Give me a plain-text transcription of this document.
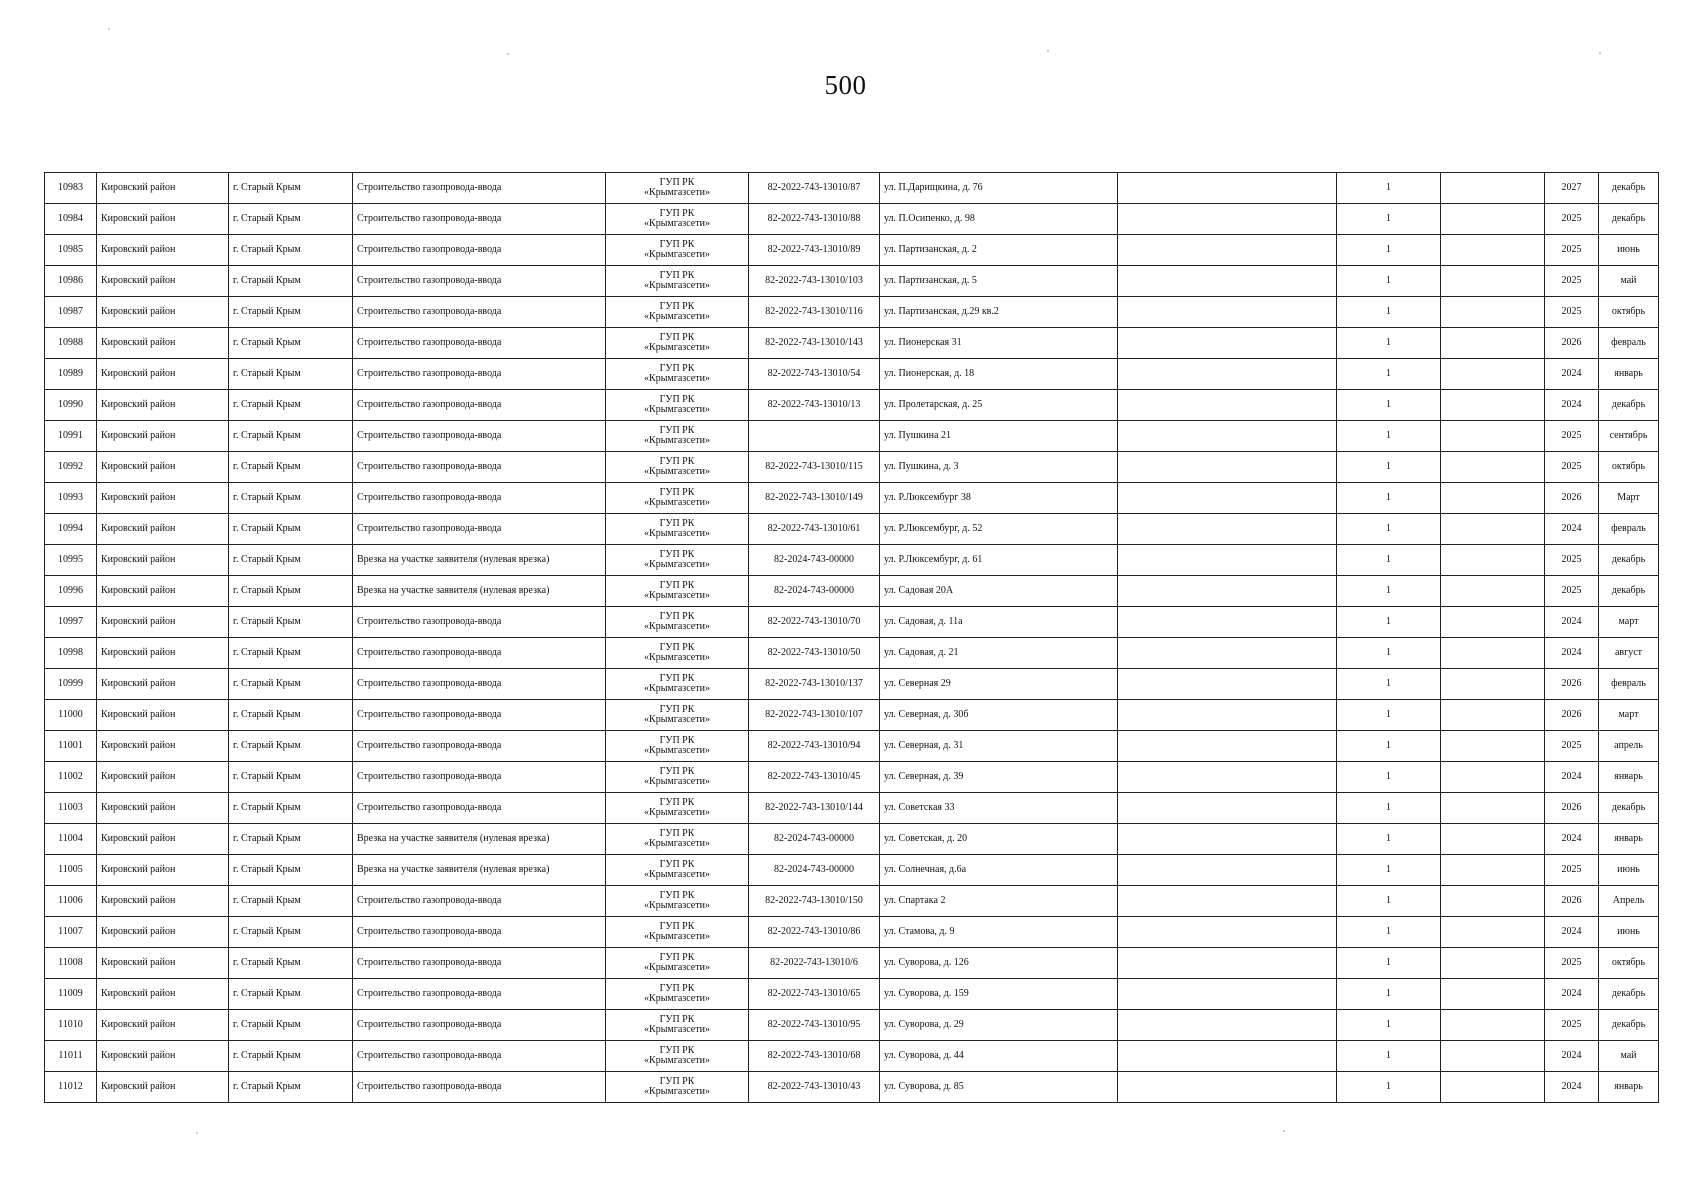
500
10983	Кировский район	г. Старый Крым	Строительство газопровода-ввода	ГУП РК
«Крымгазсети»	82-2022-743-13010/87	ул. П.Дарищкина, д. 76		1		2027	декабрь
10984	Кировский район	г. Старый Крым	Строительство газопровода-ввода	ГУП РК
«Крымгазсети»	82-2022-743-13010/88	ул. П.Осипенко, д. 98		1		2025	декабрь
10985	Кировский район	г. Старый Крым	Строительство газопровода-ввода	ГУП РК
«Крымгазсети»	82-2022-743-13010/89	ул. Партизанская, д. 2		1		2025	июнь
10986	Кировский район	г. Старый Крым	Строительство газопровода-ввода	ГУП РК
«Крымгазсети»	82-2022-743-13010/103	ул. Партизанская, д. 5		1		2025	май
10987	Кировский район	г. Старый Крым	Строительство газопровода-ввода	ГУП РК
«Крымгазсети»	82-2022-743-13010/116	ул. Партизанская, д.29 кв.2		1		2025	октябрь
10988	Кировский район	г. Старый Крым	Строительство газопровода-ввода	ГУП РК
«Крымгазсети»	82-2022-743-13010/143	ул. Пионерская 31		1		2026	февраль
10989	Кировский район	г. Старый Крым	Строительство газопровода-ввода	ГУП РК
«Крымгазсети»	82-2022-743-13010/54	ул. Пионерская, д. 18		1		2024	январь
10990	Кировский район	г. Старый Крым	Строительство газопровода-ввода	ГУП РК
«Крымгазсети»	82-2022-743-13010/13	ул. Пролетарская, д. 25		1		2024	декабрь
10991	Кировский район	г. Старый Крым	Строительство газопровода-ввода	ГУП РК
«Крымгазсети»		ул. Пушкина 21		1		2025	сентябрь
10992	Кировский район	г. Старый Крым	Строительство газопровода-ввода	ГУП РК
«Крымгазсети»	82-2022-743-13010/115	ул. Пушкина, д. 3		1		2025	октябрь
10993	Кировский район	г. Старый Крым	Строительство газопровода-ввода	ГУП РК
«Крымгазсети»	82-2022-743-13010/149	ул. Р.Люксембург 38		1		2026	Март
10994	Кировский район	г. Старый Крым	Строительство газопровода-ввода	ГУП РК
«Крымгазсети»	82-2022-743-13010/61	ул. Р.Люксембург, д. 52		1		2024	февраль
10995	Кировский район	г. Старый Крым	Врезка на участке заявителя (нулевая врезка)	ГУП РК
«Крымгазсети»	82-2024-743-00000	ул. Р.Люксембург, д. 61		1		2025	декабрь
10996	Кировский район	г. Старый Крым	Врезка на участке заявителя (нулевая врезка)	ГУП РК
«Крымгазсети»	82-2024-743-00000	ул. Садовая 20А		1		2025	декабрь
10997	Кировский район	г. Старый Крым	Строительство газопровода-ввода	ГУП РК
«Крымгазсети»	82-2022-743-13010/70	ул. Садовая, д. 11а		1		2024	март
10998	Кировский район	г. Старый Крым	Строительство газопровода-ввода	ГУП РК
«Крымгазсети»	82-2022-743-13010/50	ул. Садовая, д. 21		1		2024	август
10999	Кировский район	г. Старый Крым	Строительство газопровода-ввода	ГУП РК
«Крымгазсети»	82-2022-743-13010/137	ул. Северная 29		1		2026	февраль
11000	Кировский район	г. Старый Крым	Строительство газопровода-ввода	ГУП РК
«Крымгазсети»	82-2022-743-13010/107	ул. Северная, д. 30б		1		2026	март
11001	Кировский район	г. Старый Крым	Строительство газопровода-ввода	ГУП РК
«Крымгазсети»	82-2022-743-13010/94	ул. Северная, д. 31		1		2025	апрель
11002	Кировский район	г. Старый Крым	Строительство газопровода-ввода	ГУП РК
«Крымгазсети»	82-2022-743-13010/45	ул. Северная, д. 39		1		2024	январь
11003	Кировский район	г. Старый Крым	Строительство газопровода-ввода	ГУП РК
«Крымгазсети»	82-2022-743-13010/144	ул. Советская 33		1		2026	декабрь
11004	Кировский район	г. Старый Крым	Врезка на участке заявителя (нулевая врезка)	ГУП РК
«Крымгазсети»	82-2024-743-00000	ул. Советская, д. 20		1		2024	январь
11005	Кировский район	г. Старый Крым	Врезка на участке заявителя (нулевая врезка)	ГУП РК
«Крымгазсети»	82-2024-743-00000	ул. Солнечная, д.6а		1		2025	июнь
11006	Кировский район	г. Старый Крым	Строительство газопровода-ввода	ГУП РК
«Крымгазсети»	82-2022-743-13010/150	ул. Спартака 2		1		2026	Апрель
11007	Кировский район	г. Старый Крым	Строительство газопровода-ввода	ГУП РК
«Крымгазсети»	82-2022-743-13010/86	ул. Стамова, д. 9		1		2024	июнь
11008	Кировский район	г. Старый Крым	Строительство газопровода-ввода	ГУП РК
«Крымгазсети»	82-2022-743-13010/6	ул. Суворова, д. 126		1		2025	октябрь
11009	Кировский район	г. Старый Крым	Строительство газопровода-ввода	ГУП РК
«Крымгазсети»	82-2022-743-13010/65	ул. Суворова, д. 159		1		2024	декабрь
11010	Кировский район	г. Старый Крым	Строительство газопровода-ввода	ГУП РК
«Крымгазсети»	82-2022-743-13010/95	ул. Суворова, д. 29		1		2025	декабрь
11011	Кировский район	г. Старый Крым	Строительство газопровода-ввода	ГУП РК
«Крымгазсети»	82-2022-743-13010/68	ул. Суворова, д. 44		1		2024	май
11012	Кировский район	г. Старый Крым	Строительство газопровода-ввода	ГУП РК
«Крымгазсети»	82-2022-743-13010/43	ул. Суворова, д. 85		1		2024	январь
